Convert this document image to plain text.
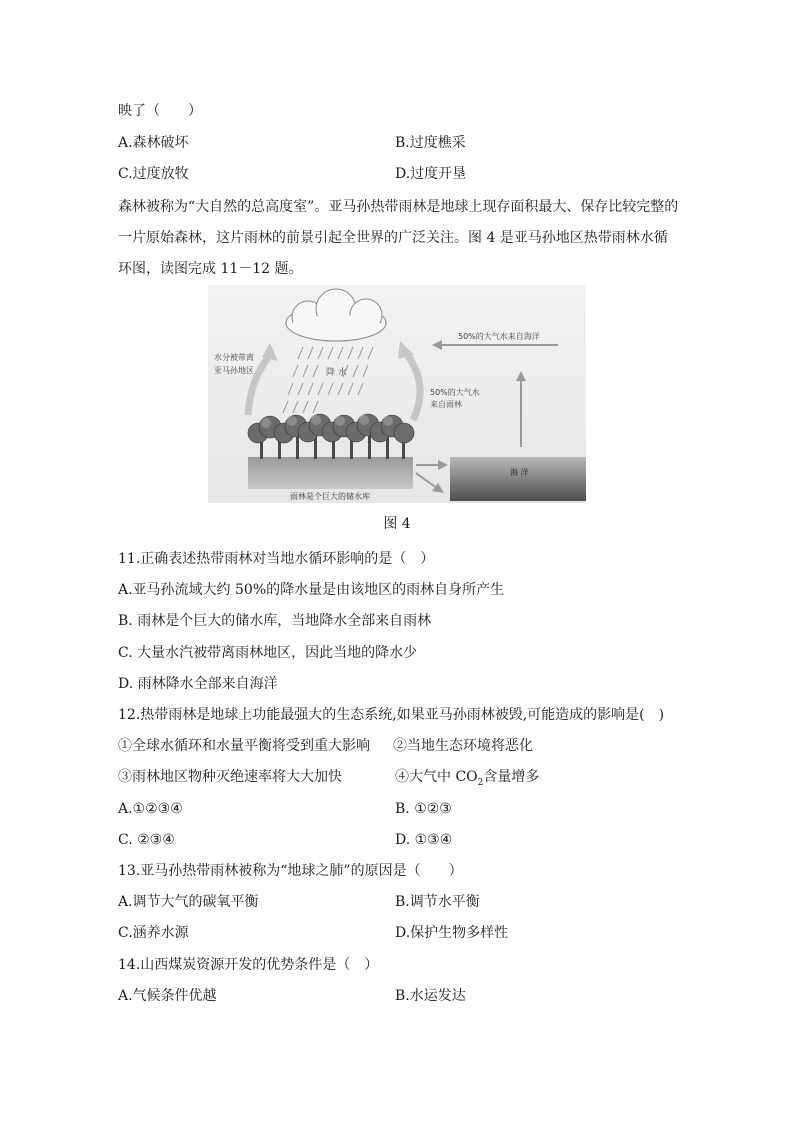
映了（　　）
A.森林破坏	B.过度樵采
C.过度放牧	D.过度开垦
森林被称为“大自然的总高度室”。亚马孙热带雨林是地球上现存面积最大、保存比较完整的一片原始森林，这片雨林的前景引起全世界的广泛关注。图 4 是亚马孙地区热带雨林水循环图，读图完成 11－12 题。
降 水
水分被带离
亚马孙地区
50%的大气水
来自雨林
50%的大气水来自海洋
海 洋
雨林是个巨大的储水库
图 4
11.正确表述热带雨林对当地水循环影响的是（　）
A.亚马孙流域大约 50%的降水量是由该地区的雨林自身所产生
B. 雨林是个巨大的储水库，当地降水全部来自雨林
C. 大量水汽被带离雨林地区，因此当地的降水少
D. 雨林降水全部来自海洋
12.热带雨林是地球上功能最强大的生态系统,如果亚马孙雨林被毁,可能造成的影响是(　)
①全球水循环和水量平衡将受到重大影响 ②当地生态环境将恶化
③雨林地区物种灭绝速率将大大加快	④大气中 $CO_2$含量增多
A.①②③④	B. ①②③
C. ②③④	D. ①③④
13.亚马孙热带雨林被称为“地球之肺”的原因是（　　）
A.调节大气的碳氧平衡	B.调节水平衡
C.涵养水源	D.保护生物多样性
14.山西煤炭资源开发的优势条件是（　）
A.气候条件优越	B.水运发达
